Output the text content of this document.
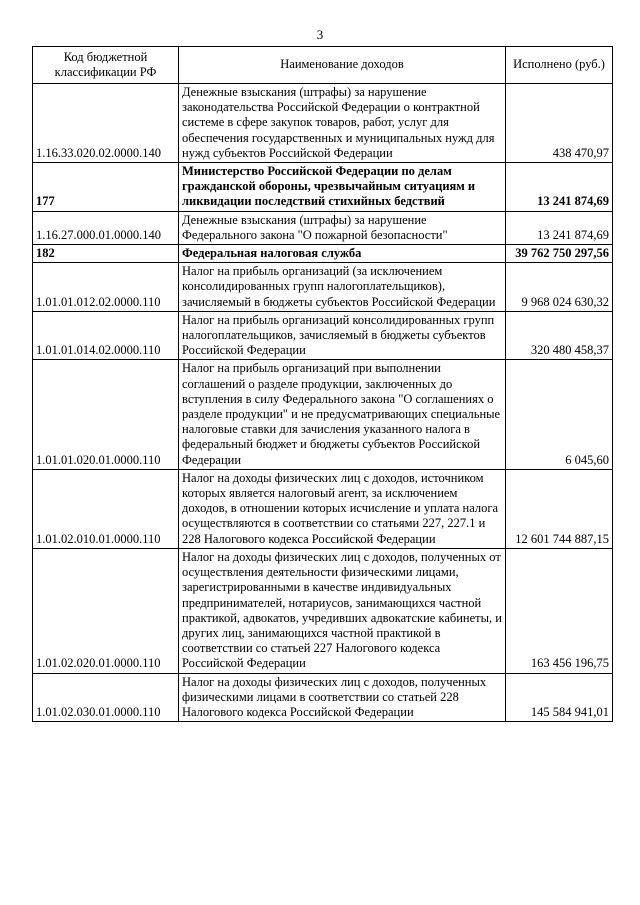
3
Код бюджетной классификации РФ	Наименование доходов	Исполнено (руб.)
1.16.33.020.02.0000.140	Денежные взыскания (штрафы) за нарушение законодательства Российской Федерации о контрактной системе в сфере закупок товаров, работ, услуг для обеспечения государственных и муниципальных нужд для нужд субъектов Российской Федерации	438 470,97
177	Министерство Российской Федерации по делам гражданской обороны, чрезвычайным ситуациям и ликвидации последствий стихийных бедствий	13 241 874,69
1.16.27.000.01.0000.140	Денежные взыскания (штрафы) за нарушение Федерального закона "О пожарной безопасности"	13 241 874,69
182	Федеральная налоговая служба	39 762 750 297,56
1.01.01.012.02.0000.110	Налог на прибыль организаций (за исключением консолидированных групп налогоплательщиков), зачисляемый в бюджеты субъектов Российской Федерации	9 968 024 630,32
1.01.01.014.02.0000.110	Налог на прибыль организаций консолидированных групп налогоплательщиков, зачисляемый в бюджеты субъектов Российской Федерации	320 480 458,37
1.01.01.020.01.0000.110	Налог на прибыль организаций при выполнении соглашений о разделе продукции, заключенных до вступления в силу Федерального закона "О соглашениях о разделе продукции" и не предусматривающих специальные налоговые ставки для зачисления указанного налога в федеральный бюджет и бюджеты субъектов Российской Федерации	6 045,60
1.01.02.010.01.0000.110	Налог на доходы физических лиц с доходов, источником которых является налоговый агент, за исключением доходов, в отношении которых исчисление и уплата налога осуществляются в соответствии со статьями 227, 227.1 и 228 Налогового кодекса Российской Федерации	12 601 744 887,15
1.01.02.020.01.0000.110	Налог на доходы физических лиц с доходов, полученных от осуществления деятельности физическими лицами, зарегистрированными в качестве индивидуальных предпринимателей, нотариусов, занимающихся частной практикой, адвокатов, учредивших адвокатские кабинеты, и других лиц, занимающихся частной практикой в соответствии со статьей 227 Налогового кодекса Российской Федерации	163 456 196,75
1.01.02.030.01.0000.110	Налог на доходы физических лиц с доходов, полученных физическими лицами в соответствии со статьей 228 Налогового кодекса Российской Федерации	145 584 941,01
